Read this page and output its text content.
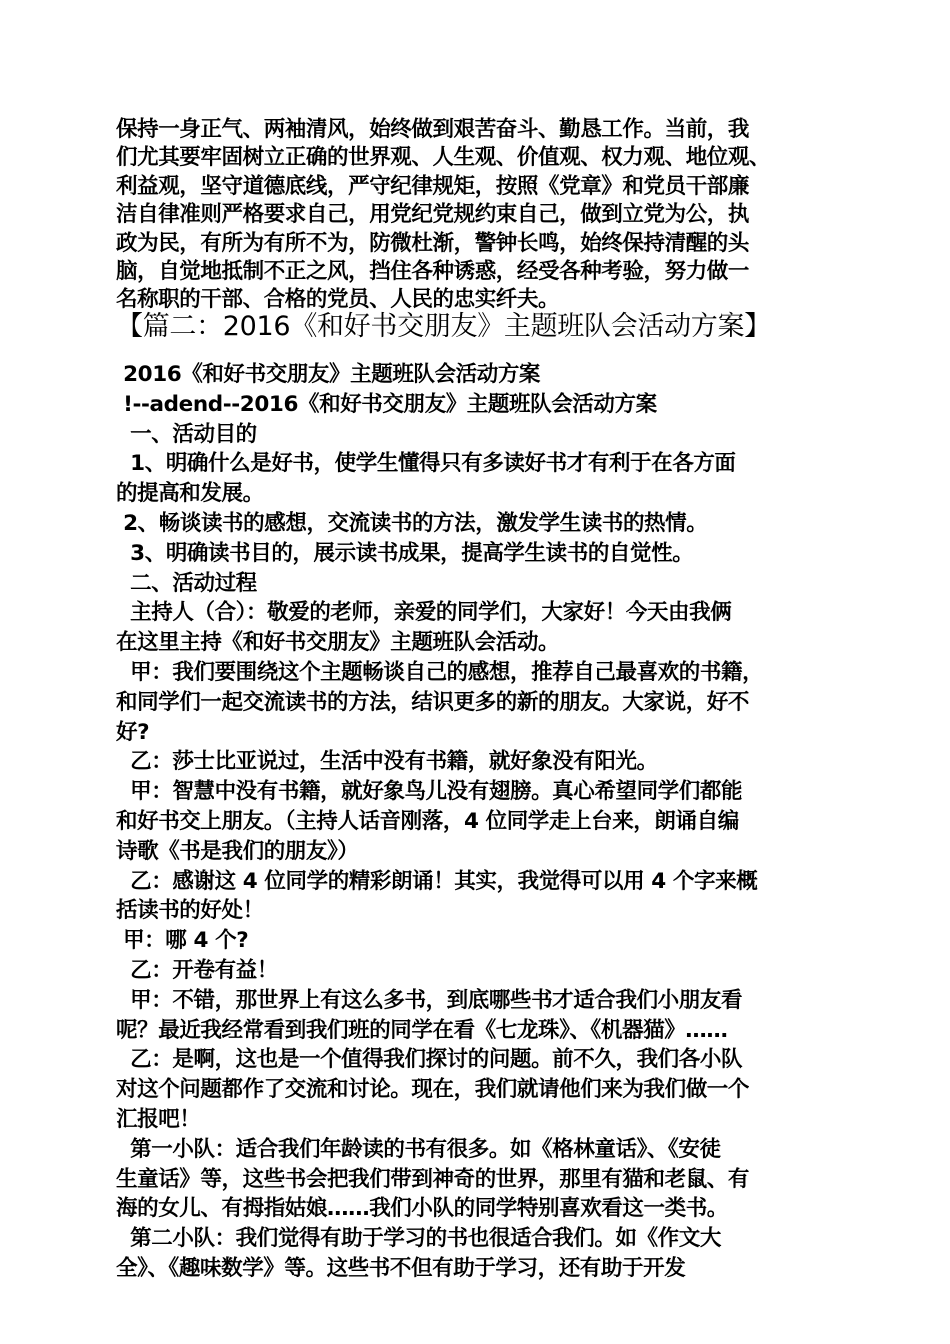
保持一身正气、两袖清风，始终做到艰苦奋斗、勤恳工作。当前，我
们尤其要牢固树立正确的世界观、人生观、价值观、权力观、地位观、
利益观，坚守道德底线，严守纪律规矩，按照《党章》和党员干部廉
洁自律准则严格要求自己，用党纪党规约束自己，做到立党为公，执
政为民，有所为有所不为，防微杜渐，警钟长鸣，始终保持清醒的头
脑，自觉地抵制不正之风，挡住各种诱惑，经受各种考验，努力做一
名称职的干部、合格的党员、人民的忠实纤夫。
【篇二：2016《和好书交朋友》主题班队会活动方案】
2016《和好书交朋友》主题班队会活动方案
!--adend--2016《和好书交朋友》主题班队会活动方案
一、活动目的
1、明确什么是好书，使学生懂得只有多读好书才有利于在各方面
的提高和发展。
2、畅谈读书的感想，交流读书的方法，激发学生读书的热情。
3、明确读书目的，展示读书成果，提高学生读书的自觉性。
二、活动过程
主持人（合）：敬爱的老师，亲爱的同学们，大家好！今天由我俩
在这里主持《和好书交朋友》主题班队会活动。
甲：我们要围绕这个主题畅谈自己的感想，推荐自己最喜欢的书籍，
和同学们一起交流读书的方法，结识更多的新的朋友。大家说，好不
好?
乙：莎士比亚说过，生活中没有书籍，就好象没有阳光。
甲：智慧中没有书籍，就好象鸟儿没有翅膀。真心希望同学们都能
和好书交上朋友。（主持人话音刚落，4 位同学走上台来，朗诵自编
诗歌《书是我们的朋友》）
乙：感谢这 4 位同学的精彩朗诵！其实，我觉得可以用 4 个字来概
括读书的好处！
甲：哪 4 个?
乙：开卷有益！
甲：不错，那世界上有这么多书，到底哪些书才适合我们小朋友看
呢？最近我经常看到我们班的同学在看《七龙珠》、《机器猫》……
乙：是啊，这也是一个值得我们探讨的问题。前不久，我们各小队
对这个问题都作了交流和讨论。现在，我们就请他们来为我们做一个
汇报吧！
第一小队：适合我们年龄读的书有很多。如《格林童话》、《安徒
生童话》等，这些书会把我们带到神奇的世界，那里有猫和老鼠、有
海的女儿、有拇指姑娘……我们小队的同学特别喜欢看这一类书。
第二小队：我们觉得有助于学习的书也很适合我们。如《作文大
全》、《趣味数学》等。这些书不但有助于学习，还有助于开发
